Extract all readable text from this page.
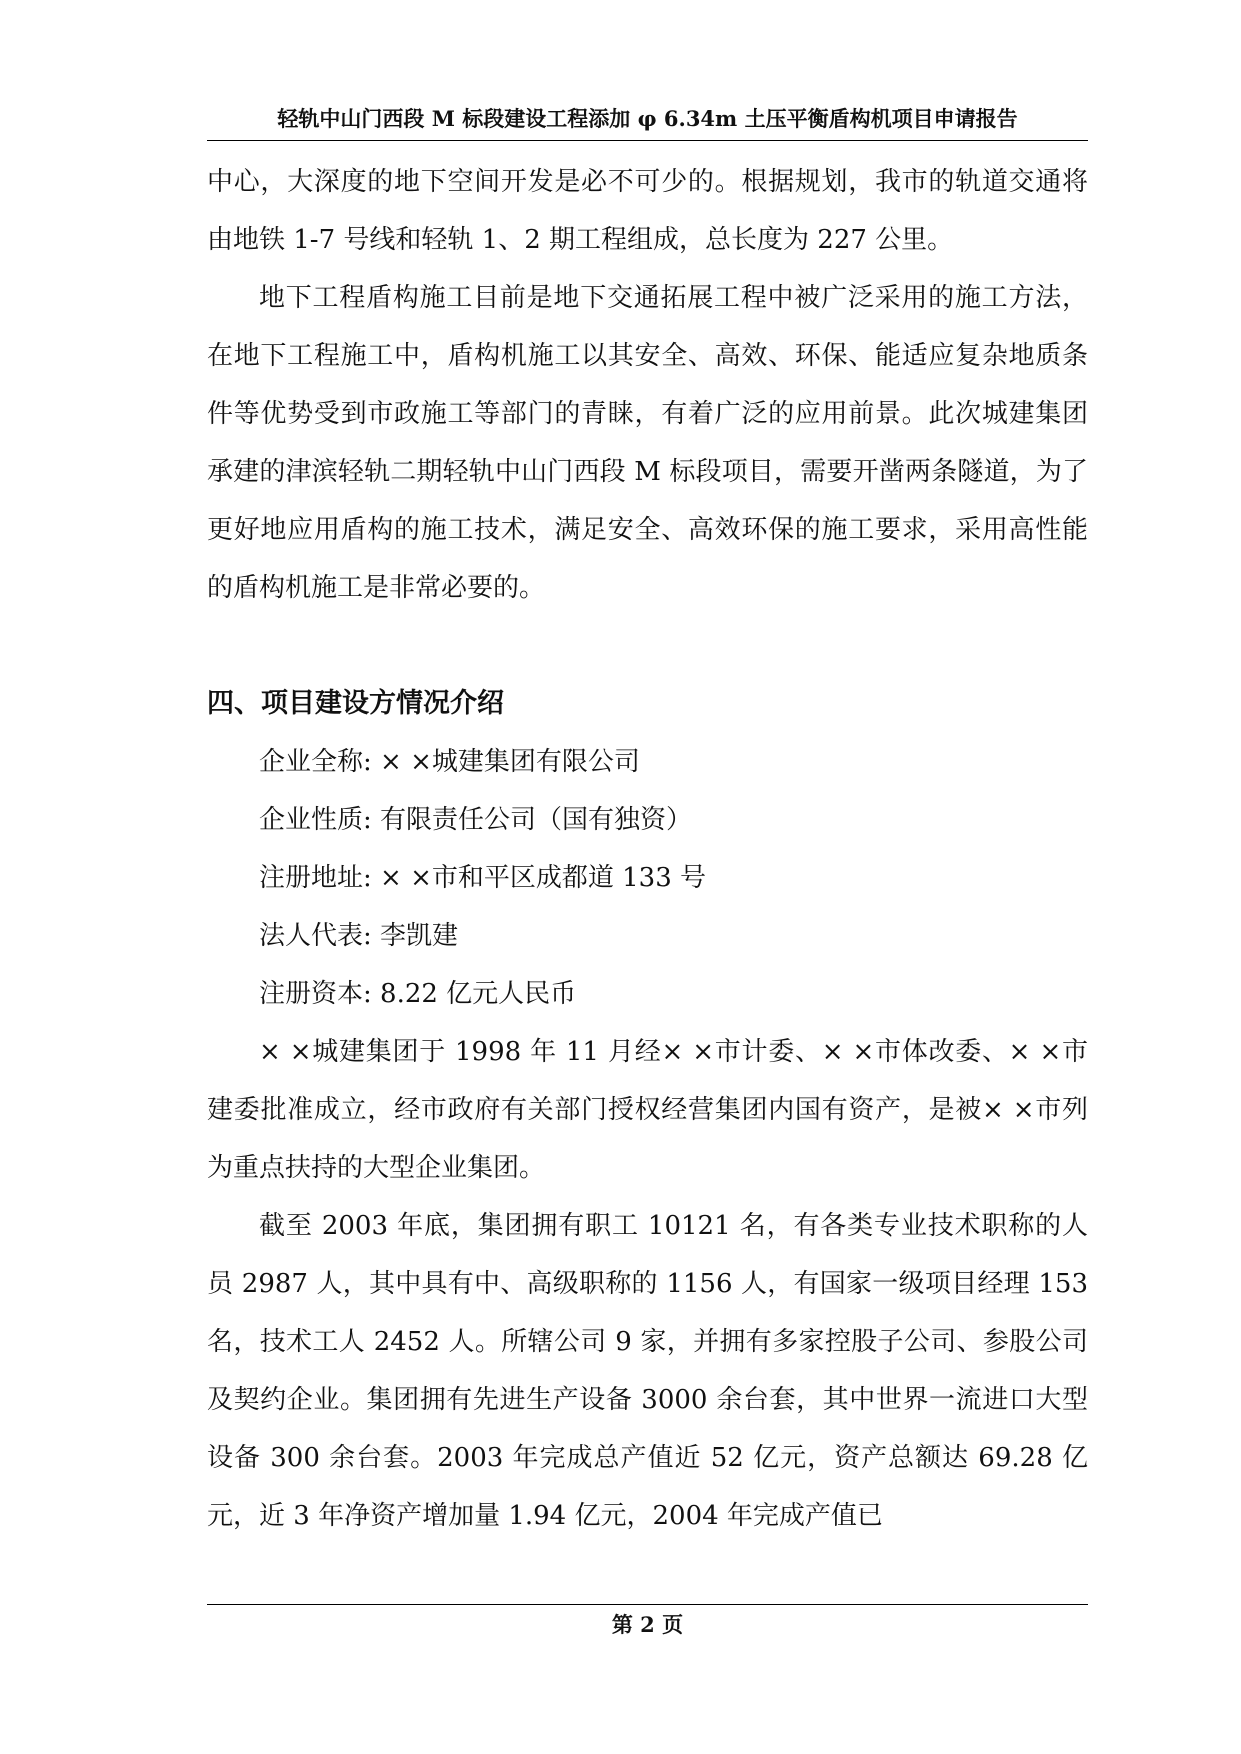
轻轨中山门西段 M 标段建设工程添加 φ 6.34m 土压平衡盾构机项目申请报告

中心，大深度的地下空间开发是必不可少的。根据规划，我市的轨道交通将由地铁 1-7 号线和轻轨 1、2 期工程组成，总长度为 227 公里。

地下工程盾构施工目前是地下交通拓展工程中被广泛采用的施工方法，在地下工程施工中，盾构机施工以其安全、高效、环保、能适应复杂地质条件等优势受到市政施工等部门的青睐，有着广泛的应用前景。此次城建集团承建的津滨轻轨二期轻轨中山门西段 M 标段项目，需要开凿两条隧道，为了更好地应用盾构的施工技术，满足安全、高效环保的施工要求，采用高性能的盾构机施工是非常必要的。

四、项目建设方情况介绍
企业全称: × ×城建集团有限公司
企业性质: 有限责任公司（国有独资）
注册地址: × ×市和平区成都道 133 号
法人代表: 李凯建
注册资本: 8.22 亿元人民币

× ×城建集团于 1998 年 11 月经× ×市计委、× ×市体改委、× ×市建委批准成立，经市政府有关部门授权经营集团内国有资产，是被× ×市列为重点扶持的大型企业集团。

截至 2003 年底，集团拥有职工 10121 名，有各类专业技术职称的人员 2987 人，其中具有中、高级职称的 1156 人，有国家一级项目经理 153 名，技术工人 2452 人。所辖公司 9 家，并拥有多家控股子公司、参股公司及契约企业。集团拥有先进生产设备 3000 余台套，其中世界一流进口大型设备 300 余台套。2003 年完成总产值近 52 亿元，资产总额达 69.28 亿元，近 3 年净资产增加量 1.94 亿元，2004 年完成产值已

第 2 页
